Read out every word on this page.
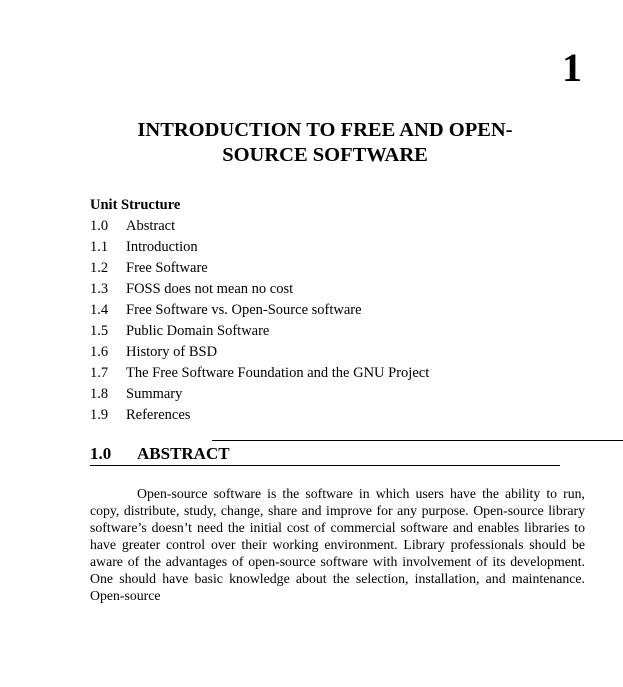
1
INTRODUCTION TO FREE AND OPEN-
SOURCE SOFTWARE
Unit Structure
1.0 Abstract
1.1 Introduction
1.2 Free Software
1.3 FOSS does not mean no cost
1.4 Free Software vs. Open-Source software
1.5 Public Domain Software
1.6 History of BSD
1.7 The Free Software Foundation and the GNU Project
1.8 Summary
1.9 References
1.0 ABSTRACT

Open-source software is the software in which users have the ability to run, copy, distribute, study, change, share and improve for any purpose. Open-source library software’s doesn’t need the initial cost of commercial software and enables libraries to have greater control over their working environment. Library professionals should be aware of the advantages of open-source software with involvement of its development. One should have basic knowledge about the selection, installation, and maintenance. Open-source
